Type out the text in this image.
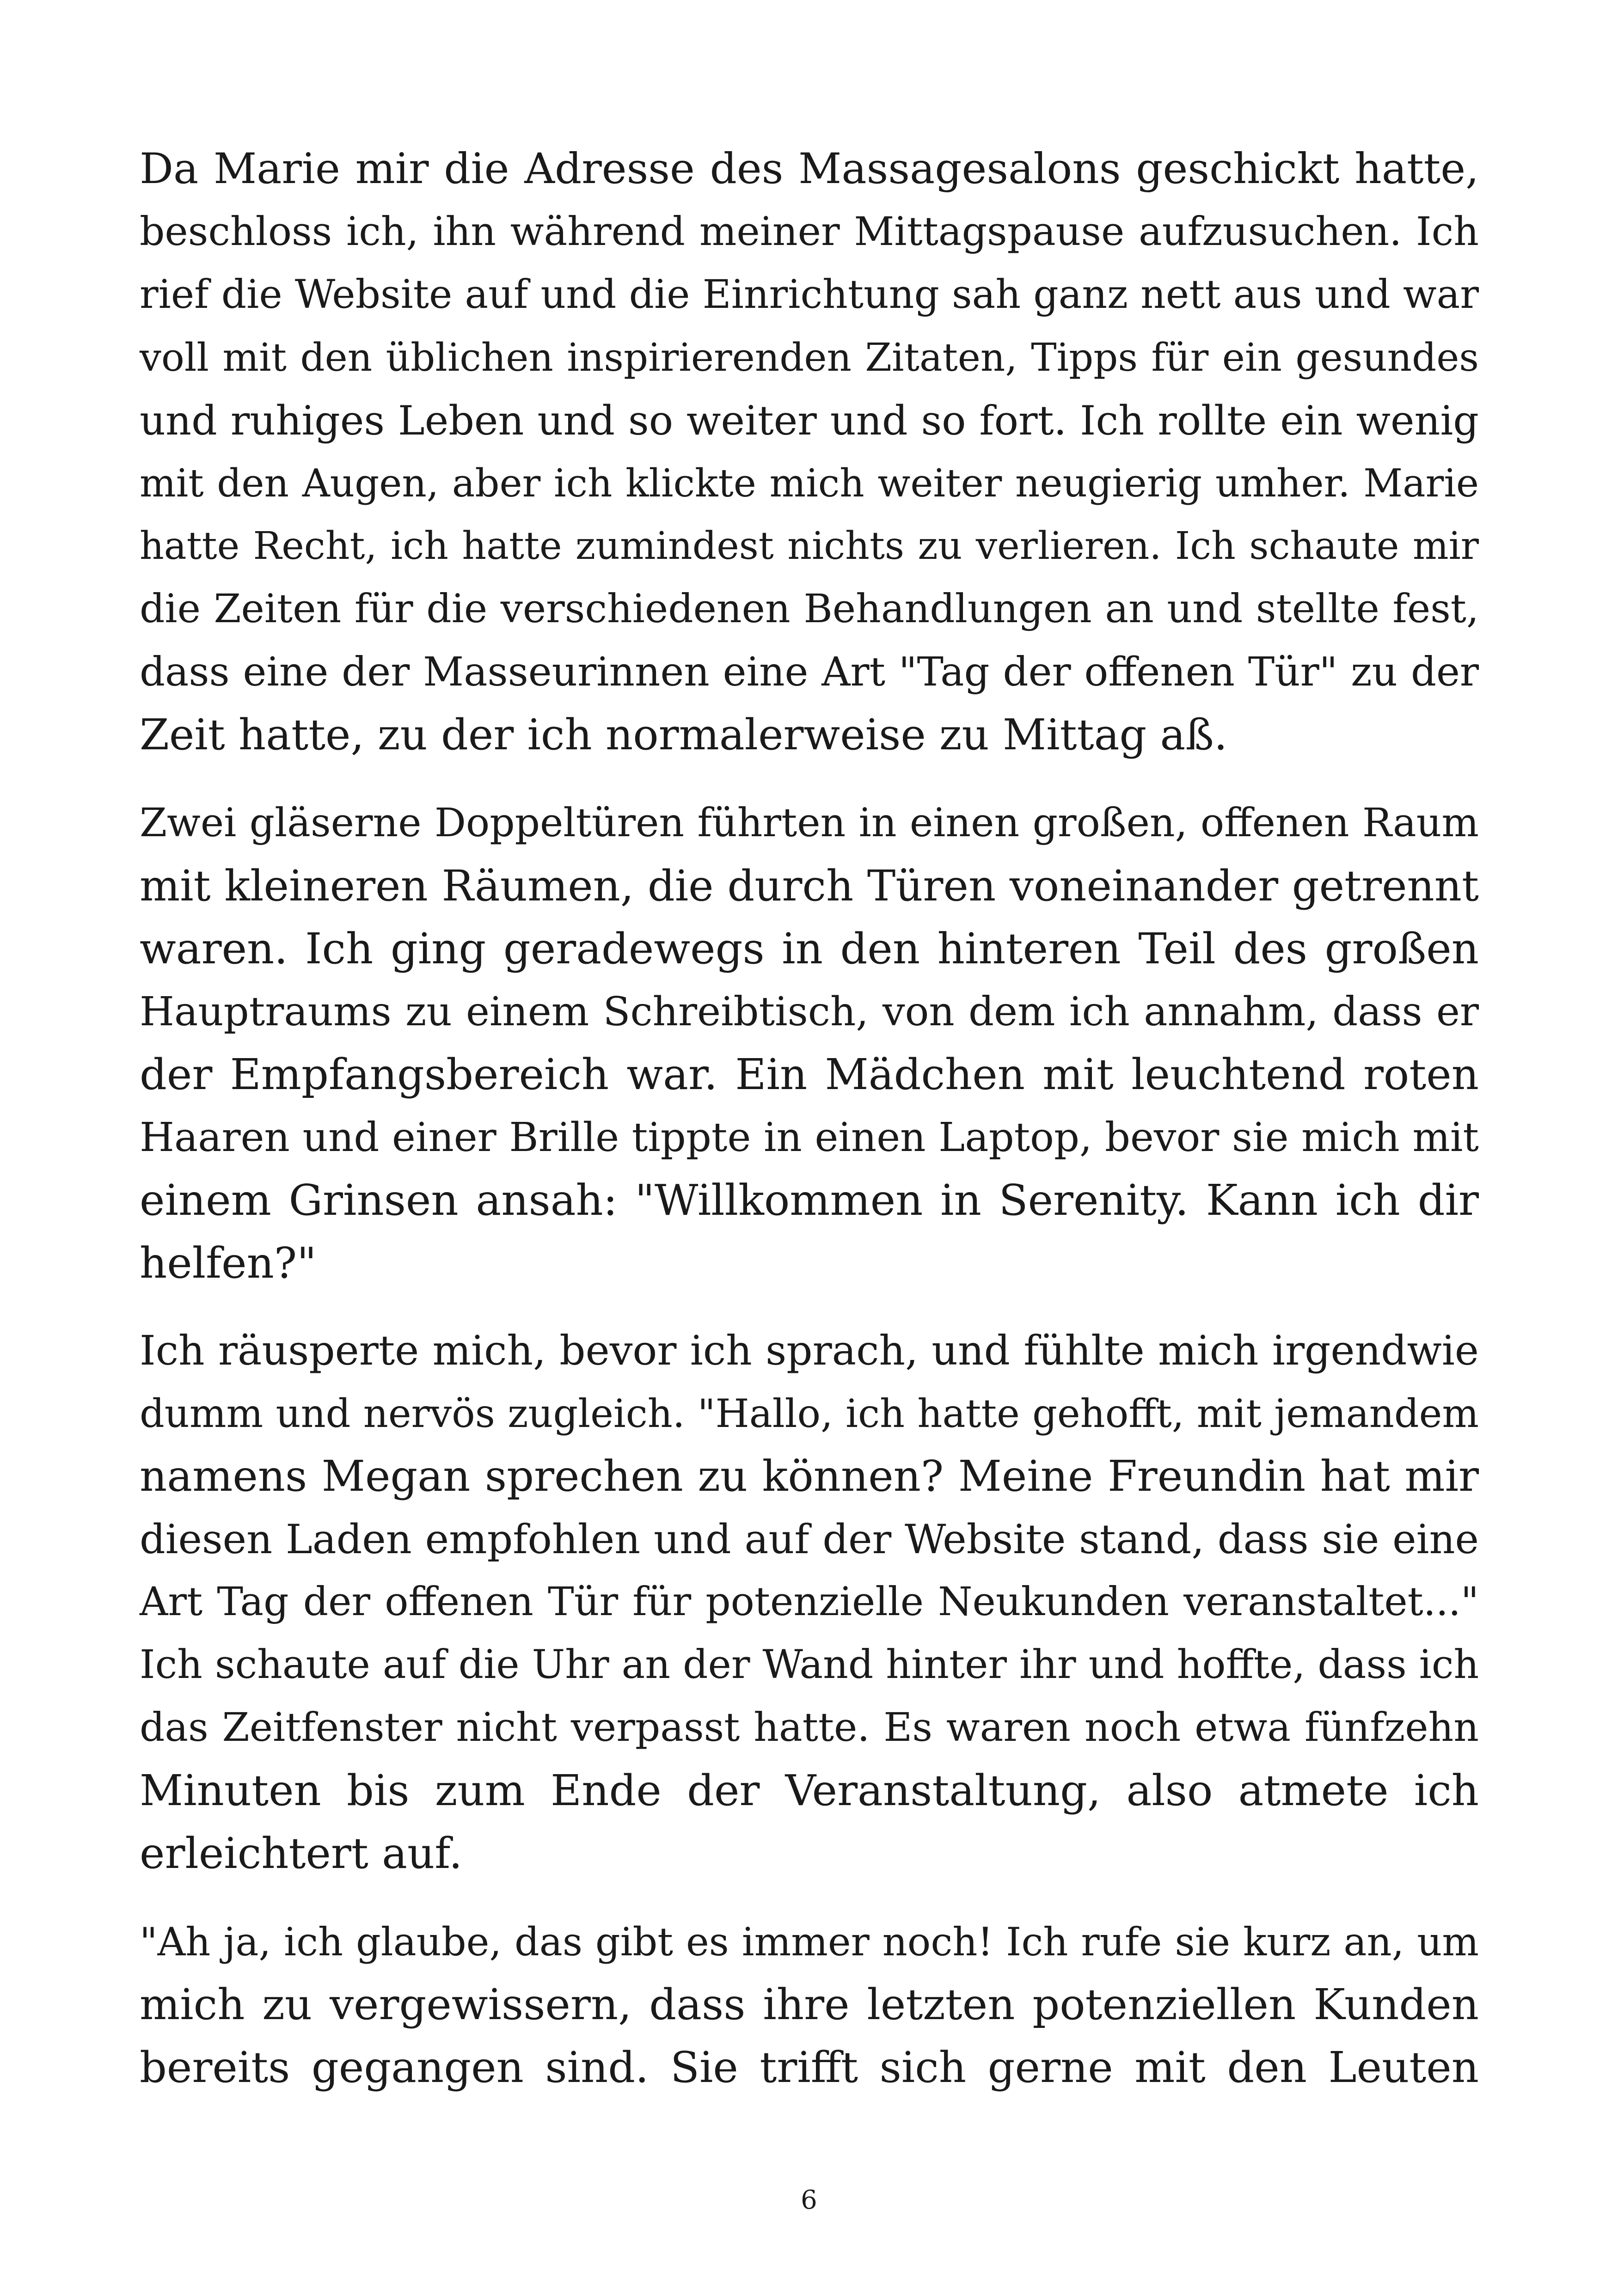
Da Marie mir die Adresse des Massagesalons geschickt hatte,
beschloss ich, ihn während meiner Mittagspause aufzusuchen. Ich
rief die Website auf und die Einrichtung sah ganz nett aus und war
voll mit den üblichen inspirierenden Zitaten, Tipps für ein gesundes
und ruhiges Leben und so weiter und so fort. Ich rollte ein wenig
mit den Augen, aber ich klickte mich weiter neugierig umher. Marie
hatte Recht, ich hatte zumindest nichts zu verlieren. Ich schaute mir
die Zeiten für die verschiedenen Behandlungen an und stellte fest,
dass eine der Masseurinnen eine Art "Tag der offenen Tür" zu der
Zeit hatte, zu der ich normalerweise zu Mittag aß.
Zwei gläserne Doppeltüren führten in einen großen, offenen Raum
mit kleineren Räumen, die durch Türen voneinander getrennt
waren. Ich ging geradewegs in den hinteren Teil des großen
Hauptraums zu einem Schreibtisch, von dem ich annahm, dass er
der Empfangsbereich war. Ein Mädchen mit leuchtend roten
Haaren und einer Brille tippte in einen Laptop, bevor sie mich mit
einem Grinsen ansah: "Willkommen in Serenity. Kann ich dir
helfen?"
Ich räusperte mich, bevor ich sprach, und fühlte mich irgendwie
dumm und nervös zugleich. "Hallo, ich hatte gehofft, mit jemandem
namens Megan sprechen zu können? Meine Freundin hat mir
diesen Laden empfohlen und auf der Website stand, dass sie eine
Art Tag der offenen Tür für potenzielle Neukunden veranstaltet..."
Ich schaute auf die Uhr an der Wand hinter ihr und hoffte, dass ich
das Zeitfenster nicht verpasst hatte. Es waren noch etwa fünfzehn
Minuten bis zum Ende der Veranstaltung, also atmete ich
erleichtert auf.
"Ah ja, ich glaube, das gibt es immer noch! Ich rufe sie kurz an, um
mich zu vergewissern, dass ihre letzten potenziellen Kunden
bereits gegangen sind. Sie trifft sich gerne mit den Leuten
6
